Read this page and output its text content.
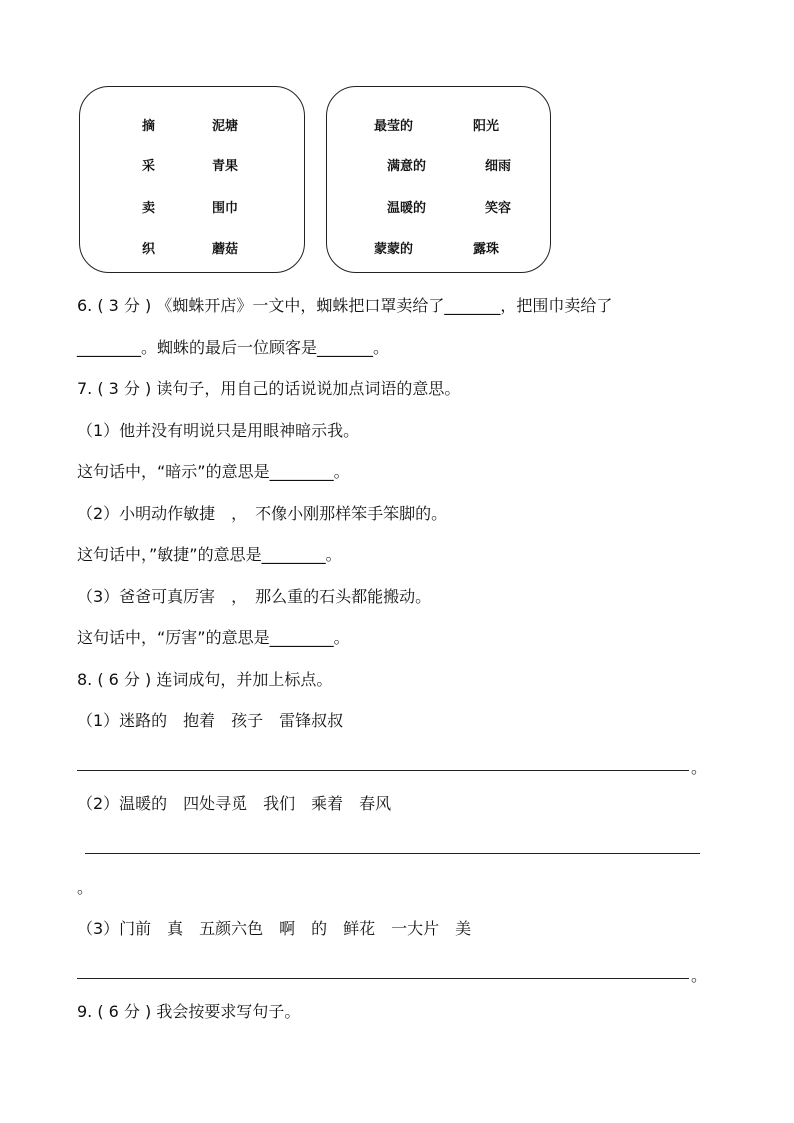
摘	泥塘
采	青果
卖	围巾
织	蘑菇
最莹的	阳光
满意的	细雨
温暖的	笑容
蒙蒙的	露珠
6. ( 3 分 ) 《蜘蛛开店》一文中，蜘蛛把口罩卖给了_______，把围巾卖给了
________。蜘蛛的最后一位顾客是_______。
7. ( 3 分 ) 读句子，用自己的话说说加点词语的意思。
（1）他并没有明说只是用眼神暗示我。
这句话中，“暗示”的意思是________。
（2）小明动作敏捷　，　不像小刚那样笨手笨脚的。
这句话中，”敏捷”的意思是________。
（3）爸爸可真厉害　，　那么重的石头都能搬动。
这句话中，“厉害”的意思是________。
8. ( 6 分 ) 连词成句，并加上标点。
（1）迷路的　抱着　孩子　雷锋叔叔
。
（2）温暖的　四处寻觅　我们　乘着　春风
。
（3）门前　真　五颜六色　啊　的　鲜花　一大片　美
。
9. ( 6 分 ) 我会按要求写句子。
